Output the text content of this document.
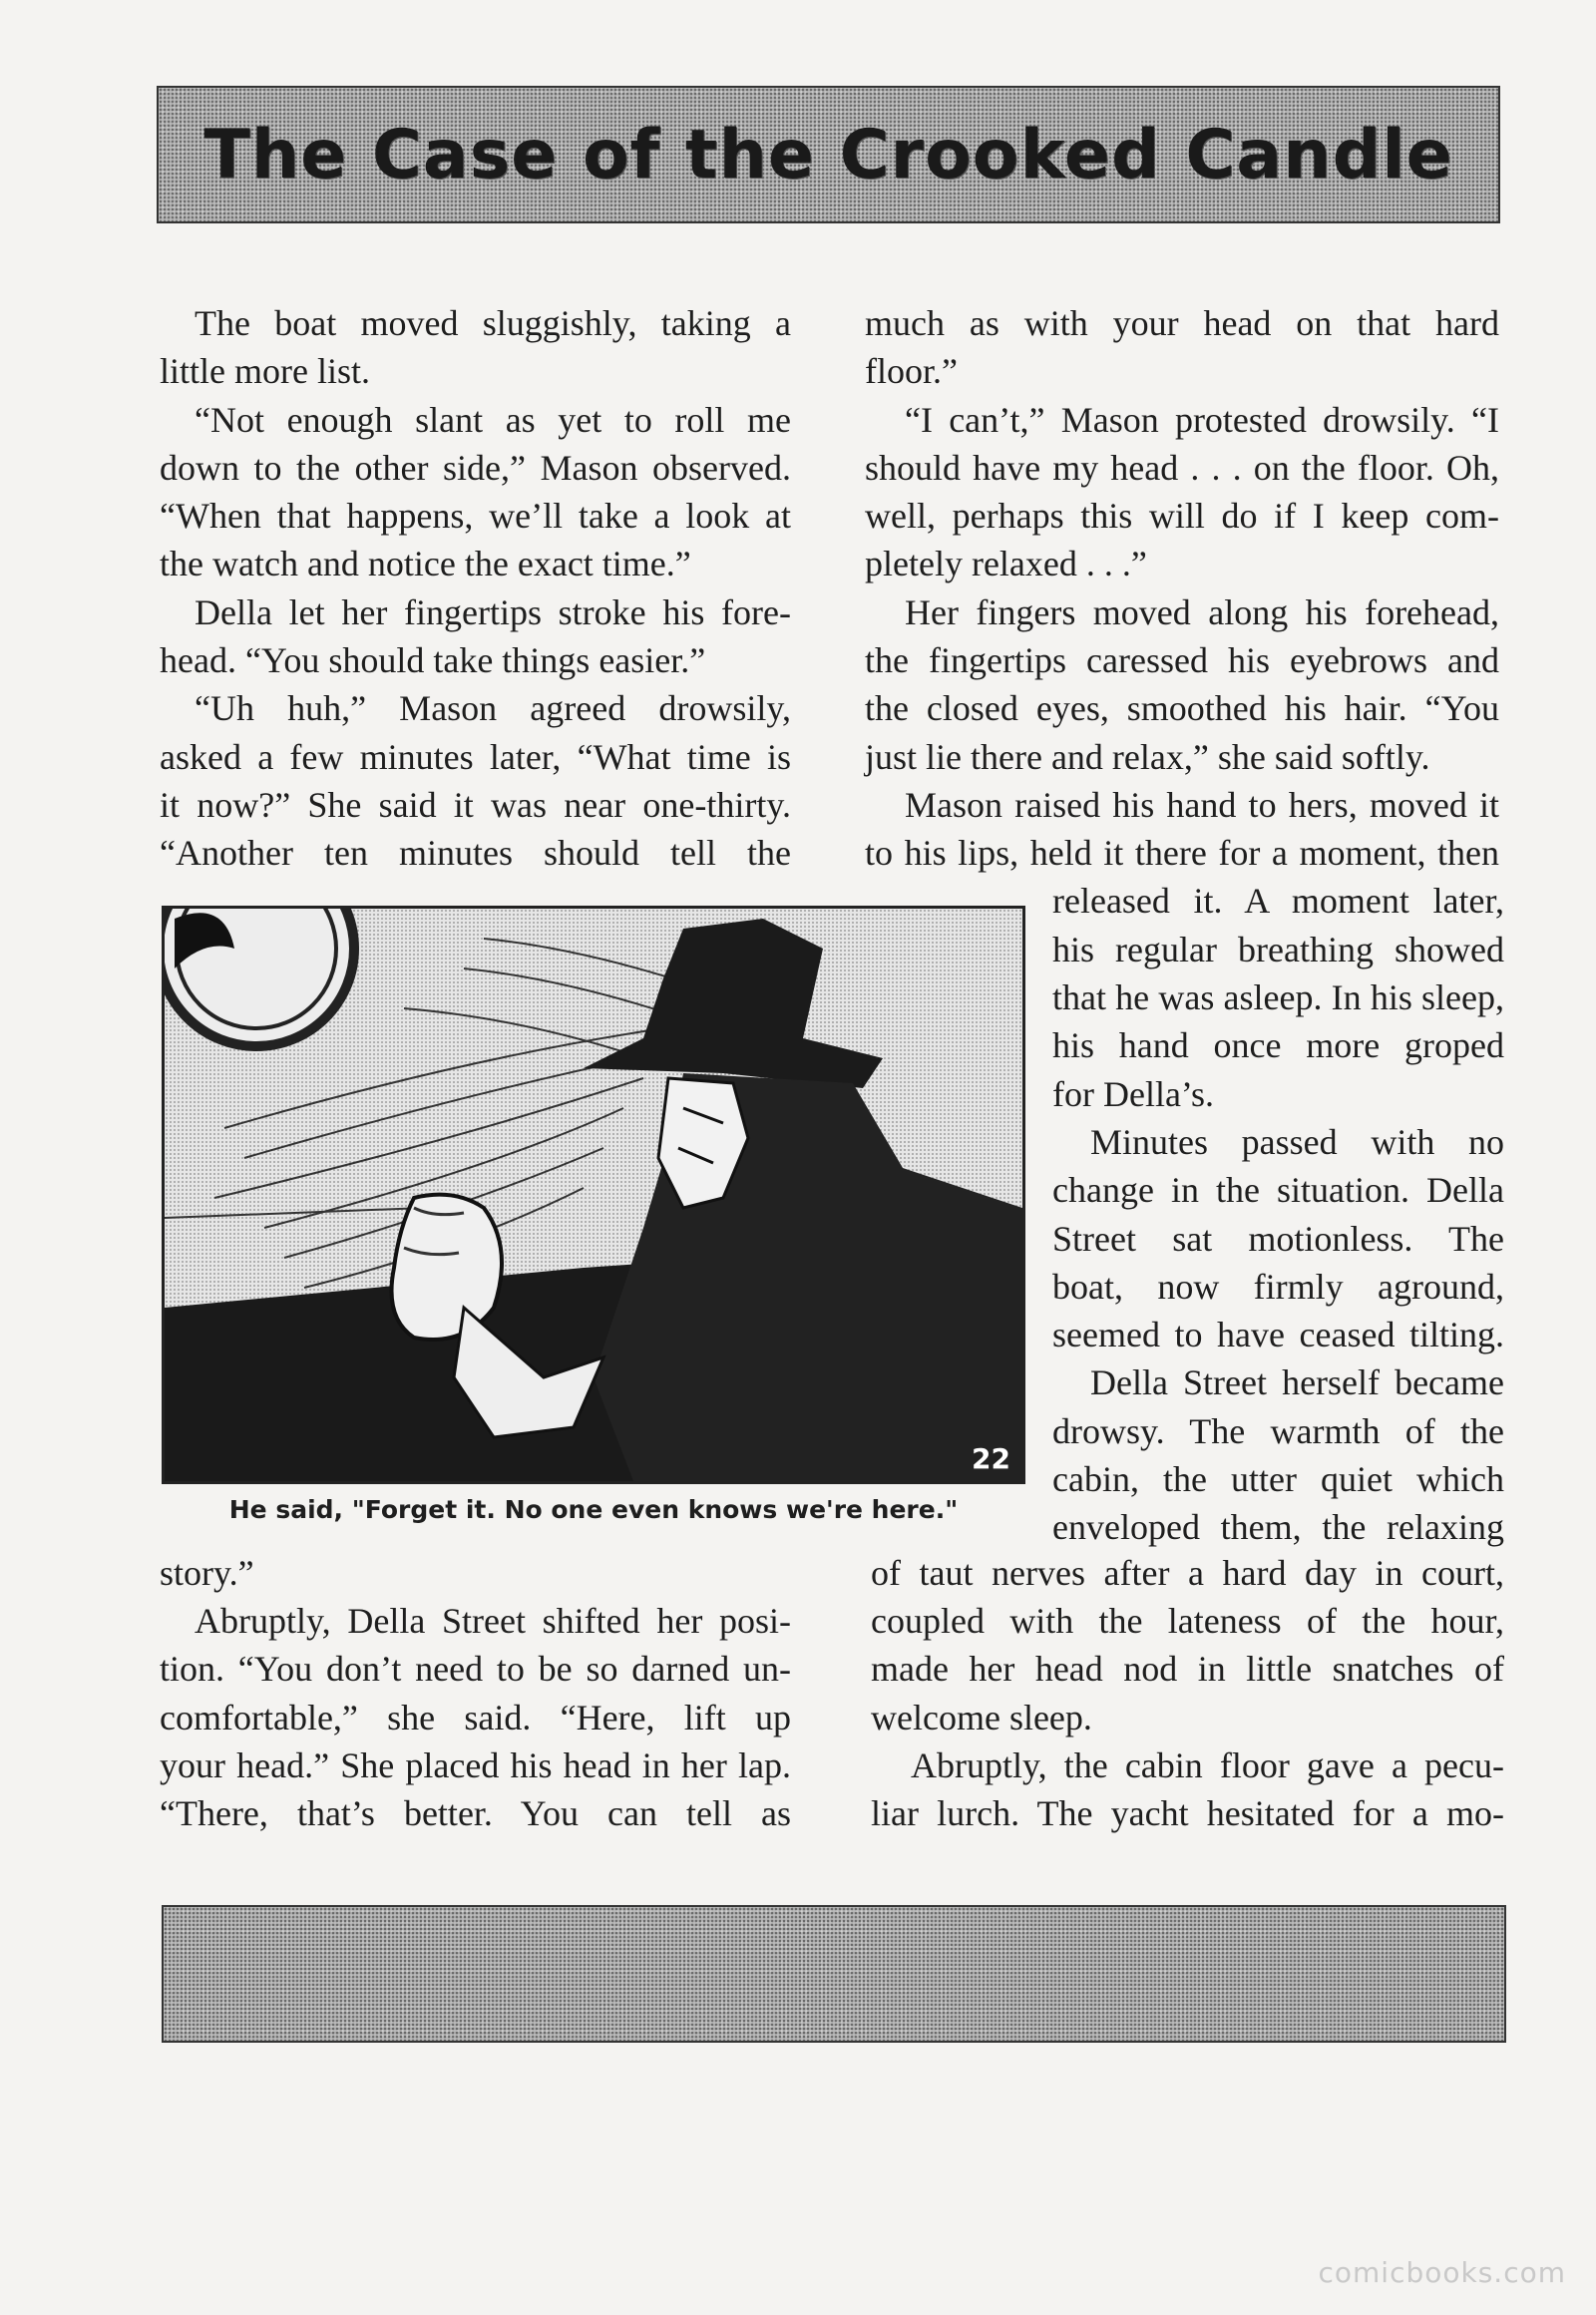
The Case of the Crooked Candle
The boat moved sluggishly, taking a
little more list.
“Not enough slant as yet to roll me
down to the other side,” Mason observed.
“When that happens, we’ll take a look at
the watch and notice the exact time.”
Della let her fingertips stroke his fore-
head. “You should take things easier.”
“Uh huh,” Mason agreed drowsily,
asked a few minutes later, “What time is
it now?” She said it was near one-thirty.
“Another ten minutes should tell the
22
He said, "Forget it. No one even knows we're here."
story.”
Abruptly, Della Street shifted her posi-
tion. “You don’t need to be so darned un-
comfortable,” she said. “Here, lift up
your head.” She placed his head in her lap.
“There, that’s better. You can tell as
much as with your head on that hard
floor.”
“I can’t,” Mason protested drowsily. “I
should have my head . . . on the floor. Oh,
well, perhaps this will do if I keep com-
pletely relaxed . . .”
Her fingers moved along his forehead,
the fingertips caressed his eyebrows and
the closed eyes, smoothed his hair. “You
just lie there and relax,” she said softly.
Mason raised his hand to hers, moved it
to his lips, held it there for a moment, then
released it. A moment later,
his regular breathing showed
that he was asleep. In his sleep,
his hand once more groped
for Della’s.
Minutes passed with no
change in the situation. Della
Street sat motionless. The
boat, now firmly aground,
seemed to have ceased tilting.
Della Street herself became
drowsy. The warmth of the
cabin, the utter quiet which
enveloped them, the relaxing
of taut nerves after a hard day in court,
coupled with the lateness of the hour,
made her head nod in little snatches of
welcome sleep.
Abruptly, the cabin floor gave a pecu-
liar lurch. The yacht hesitated for a mo-
comicbooks.com
